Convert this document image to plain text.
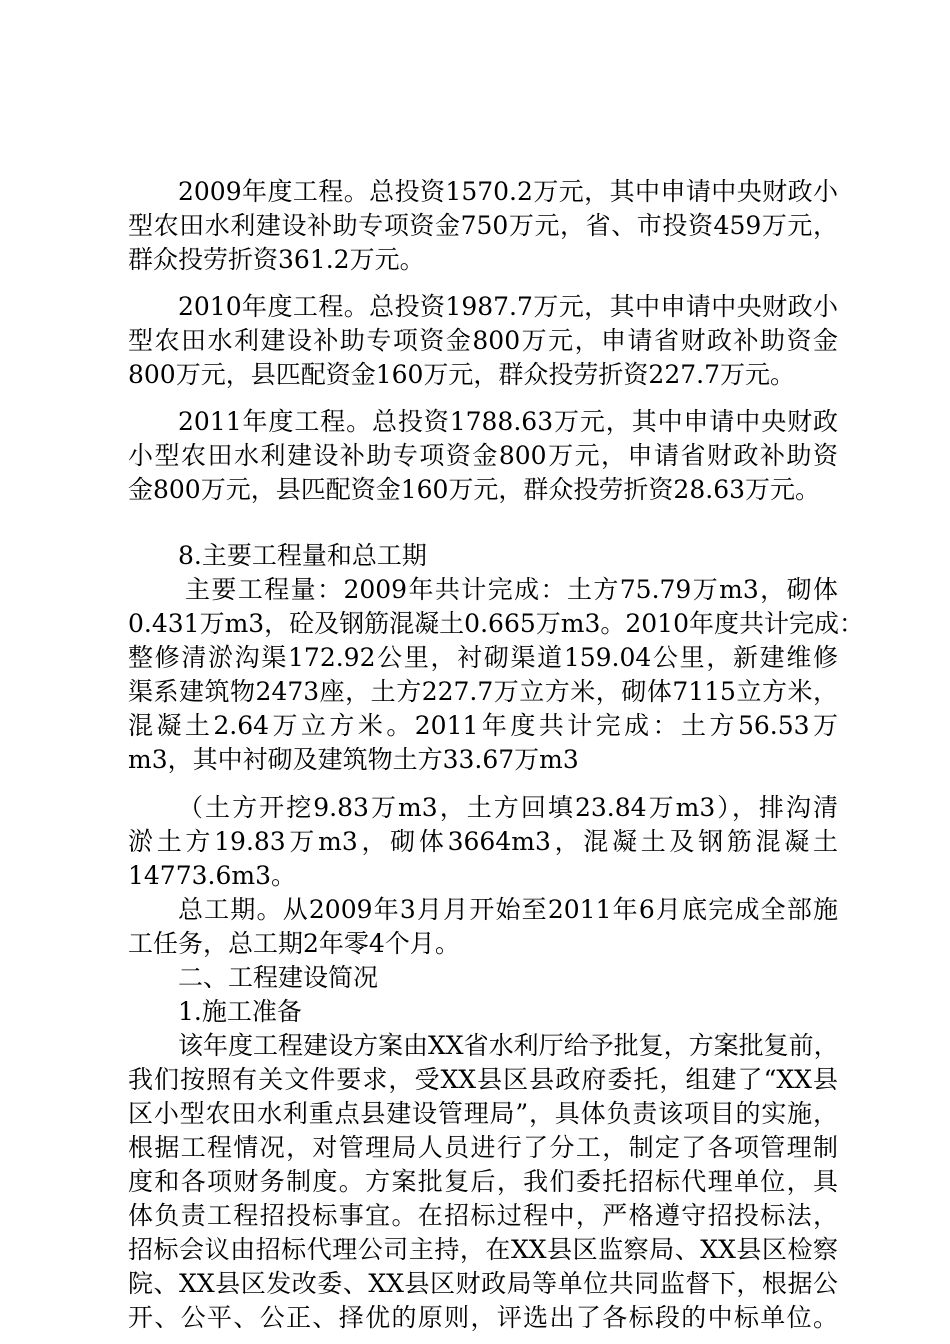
2009年度工程。总投资1570.2万元，其中申请中央财政小
型农田水利建设补助专项资金750万元，省、市投资459万元，
群众投劳折资361.2万元。
2010年度工程。总投资1987.7万元，其中申请中央财政小
型农田水利建设补助专项资金800万元，申请省财政补助资金
800万元，县匹配资金160万元，群众投劳折资227.7万元。
2011年度工程。总投资1788.63万元，其中申请中央财政
小型农田水利建设补助专项资金800万元，申请省财政补助资
金800万元，县匹配资金160万元，群众投劳折资28.63万元。
8.主要工程量和总工期
主要工程量：2009年共计完成：土方75.79万m3，砌体
0.431万m3，砼及钢筋混凝土0.665万m3。2010年度共计完成：
整修清淤沟渠172.92公里，衬砌渠道159.04公里，新建维修
渠系建筑物2473座，土方227.7万立方米，砌体7115立方米，
混凝土2.64万立方米。2011年度共计完成：土方56.53万
m3，其中衬砌及建筑物土方33.67万m3
（土方开挖9.83万m3，土方回填23.84万m3），排沟清
淤土方19.83万m3，砌体3664m3，混凝土及钢筋混凝土
14773.6m3。
总工期。从2009年3月月开始至2011年6月底完成全部施
工任务，总工期2年零4个月。
二、工程建设简况
1.施工准备
该年度工程建设方案由XX省水利厅给予批复，方案批复前，
我们按照有关文件要求，受XX县区县政府委托，组建了“XX县
区小型农田水利重点县建设管理局”，具体负责该项目的实施，
根据工程情况，对管理局人员进行了分工，制定了各项管理制
度和各项财务制度。方案批复后，我们委托招标代理单位，具
体负责工程招投标事宜。在招标过程中，严格遵守招投标法，
招标会议由招标代理公司主持，在XX县区监察局、XX县区检察
院、XX县区发改委、XX县区财政局等单位共同监督下，根据公
开、公平、公正、择优的原则，评选出了各标段的中标单位。
